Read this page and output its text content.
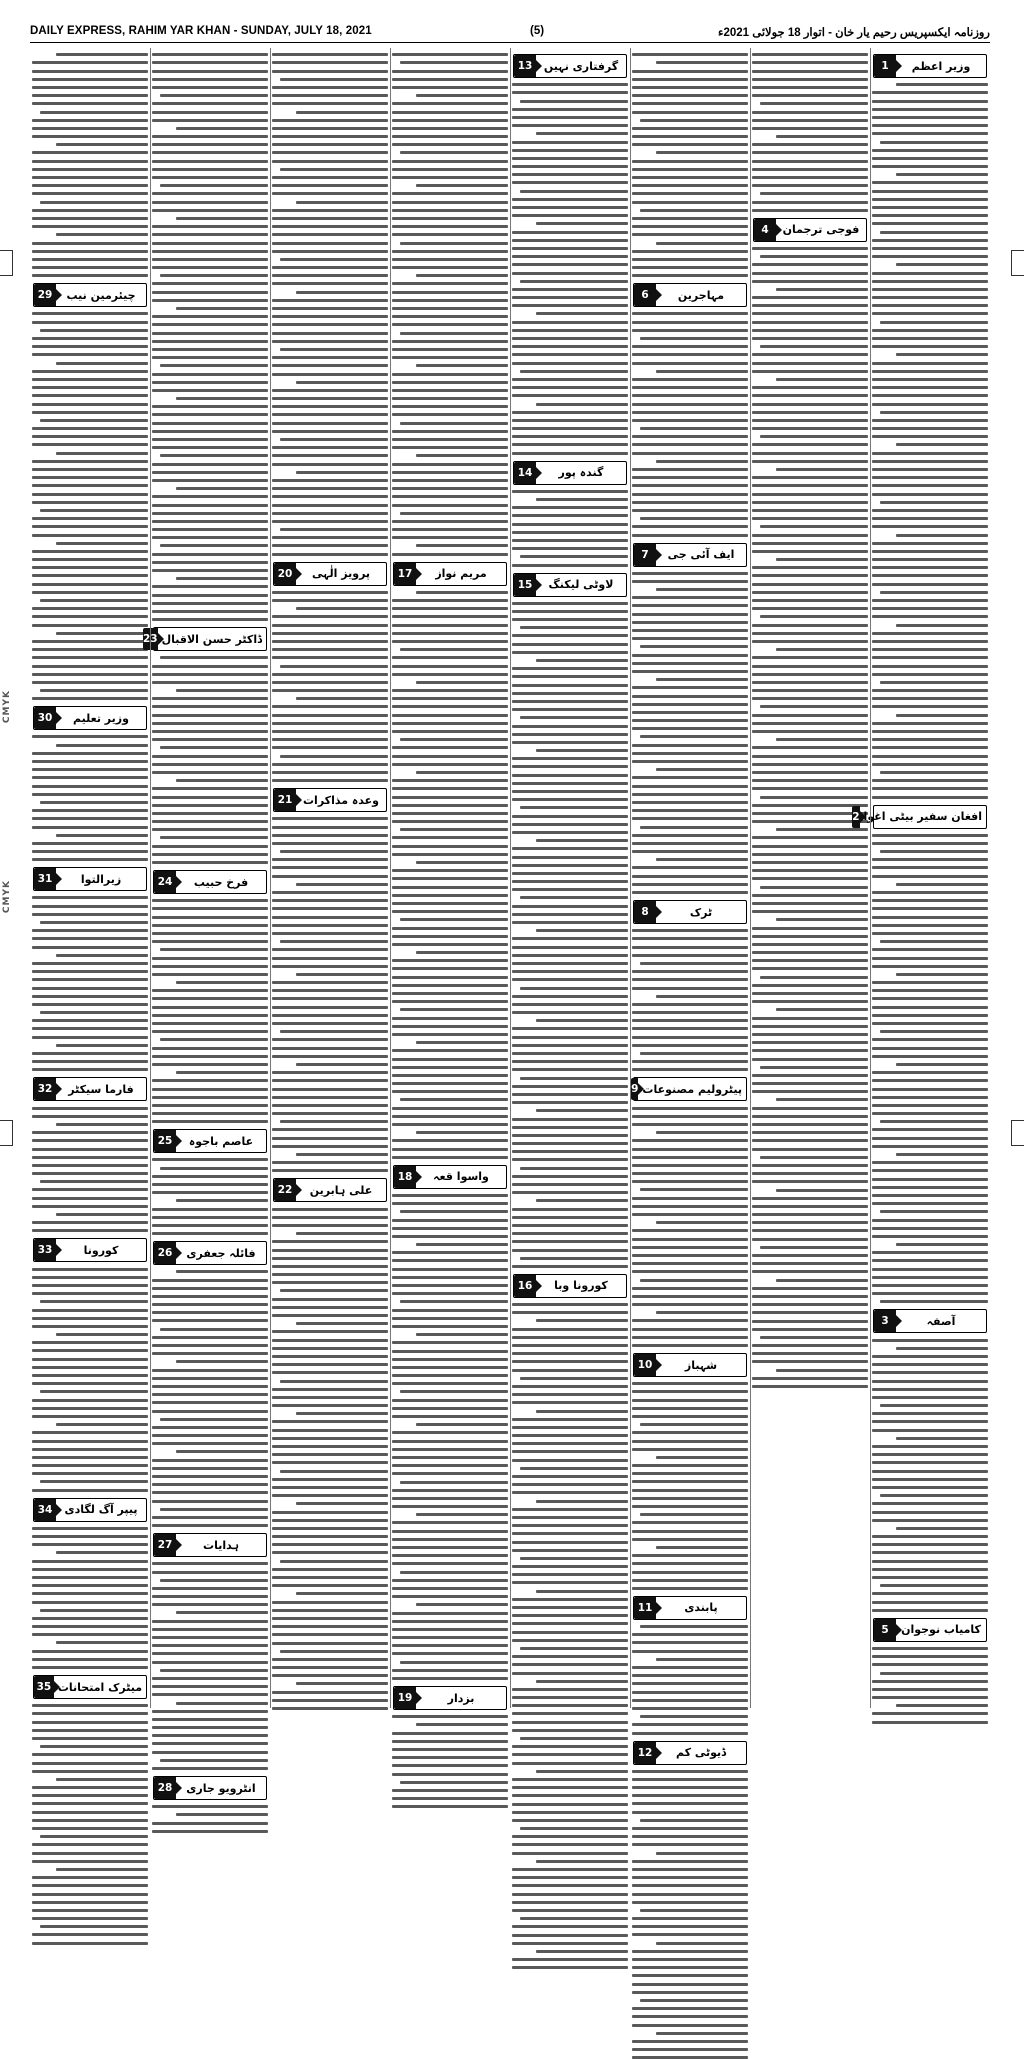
DAILY EXPRESS, RAHIM YAR KHAN - SUNDAY, JULY 18, 2021	(5)	روزنامہ ایکسپریس رحیم یار خان - اتوار 18 جولائی 2021ء
29	چیئرمین نیب
30	وزیر تعلیم
31	زیرالتوا
32	فارما سیکٹر
33	کورونا
34	پیپر آگ لگادی
35 میٹرک امتحانات
23 ڈاکٹر حسن الاقبال
24	فرخ حبیب
25	عاصم باجوہ
26	فائلہ جعفری
27	ہدایات
28	انٹرویو جاری
20	پرویز الٰہی
21 وعدہ مذاکرات
22	علی ہابرین
17	مریم نواز
18	واسوا قعہ
19	بزدار
13	گرفتاری نہیں
14	گندہ پور
15	لاوٹی لیکنگ
16	کورونا وبا
6	مہاجرین
7	ایف آئی جی
8	ٹرک
9 پیٹرولیم مصنوعات
10	شہباز
11	پابندی
12	ڈیوٹی کم
4	فوجی ترجمان
1	وزیر اعظم
2 افغان سفیر بیٹی اغوا
3	آصفہ
5	کامیاب نوجوان
CMYK
CMYK
